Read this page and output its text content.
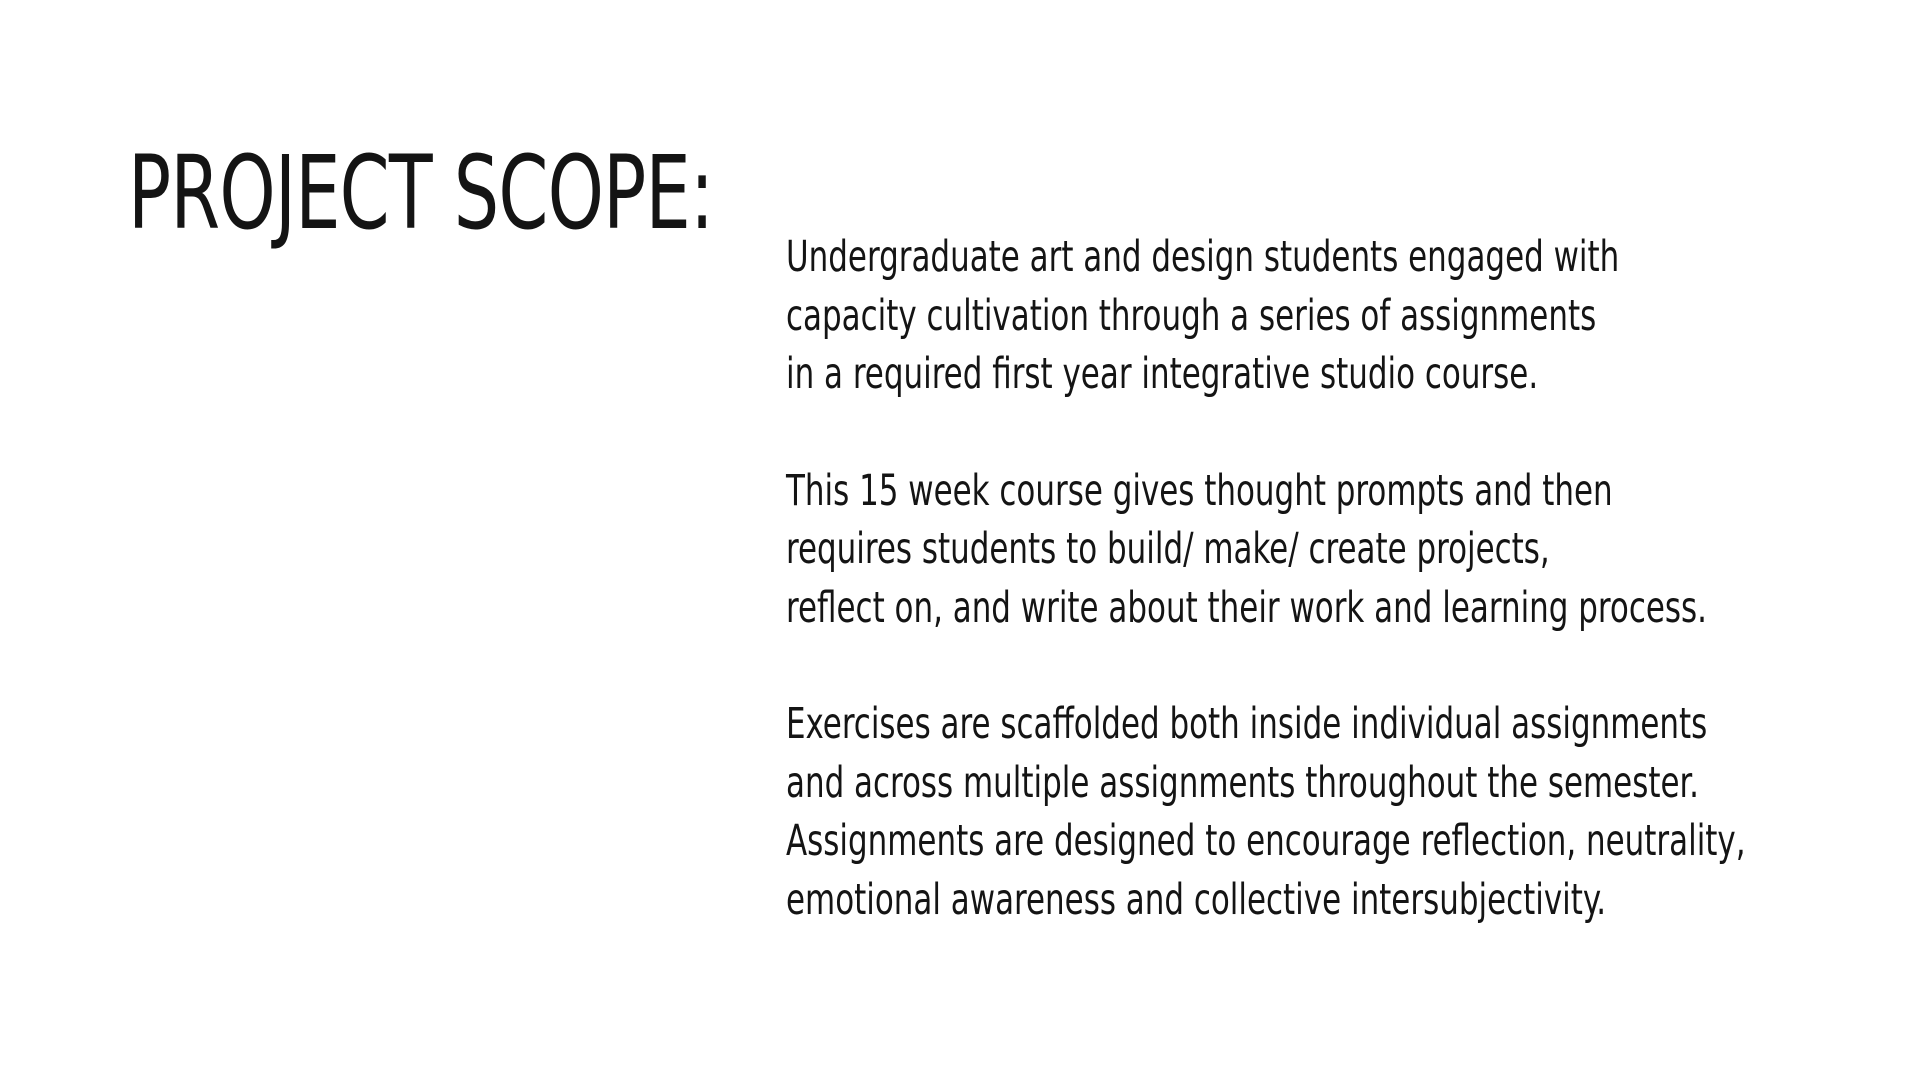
PROJECT SCOPE:
Undergraduate art and design students engaged with
capacity cultivation through a series of assignments
in a required first year integrative studio course.
This 15 week course gives thought prompts and then
requires students to build/ make/ create projects,
reflect on, and write about their work and learning process.
Exercises are scaffolded both inside individual assignments
and across multiple assignments throughout the semester.
Assignments are designed to encourage reflection, neutrality,
emotional awareness and collective intersubjectivity.
